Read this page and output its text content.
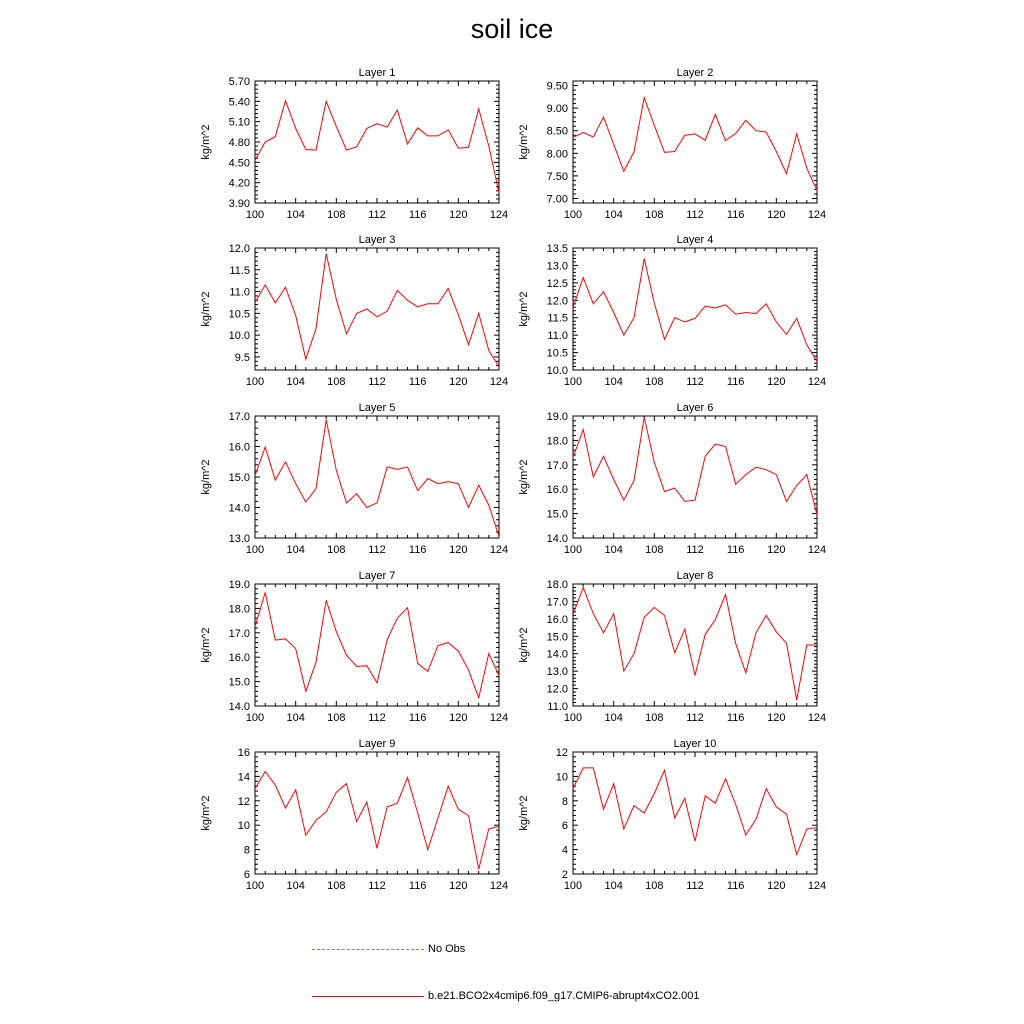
soil ice
Layer 1
kg/m^2
100 104 108 112 116 120 124
3.90
4.20
4.50
4.80
5.10
5.40
5.70
Layer 2
kg/m^2
100 104 108 112 116 120 124
7.00
7.50
8.00
8.50
9.00
9.50
Layer 3
kg/m^2
100 104 108 112 116 120 124
9.5
10.0
10.5
11.0
11.5
12.0
Layer 4
kg/m^2
100 104 108 112 116 120 124
10.0
10.5
11.0
11.5
12.0
12.5
13.0
13.5
Layer 5
kg/m^2
100 104 108 112 116 120 124
13.0
14.0
15.0
16.0
17.0
Layer 6
kg/m^2
100 104 108 112 116 120 124
14.0
15.0
16.0
17.0
18.0
19.0
Layer 7
kg/m^2
100 104 108 112 116 120 124
14.0
15.0
16.0
17.0
18.0
19.0
Layer 8
kg/m^2
100 104 108 112 116 120 124
11.0
12.0
13.0
14.0
15.0
16.0
17.0
18.0
Layer 9
kg/m^2
100 104 108 112 116 120 124
6
8
10
12
14
16
Layer 10
kg/m^2
100 104 108 112 116 120 124
2
4
6
8
10
12
No Obs
b.e21.BCO2x4cmip6.f09_g17.CMIP6-abrupt4xCO2.001
